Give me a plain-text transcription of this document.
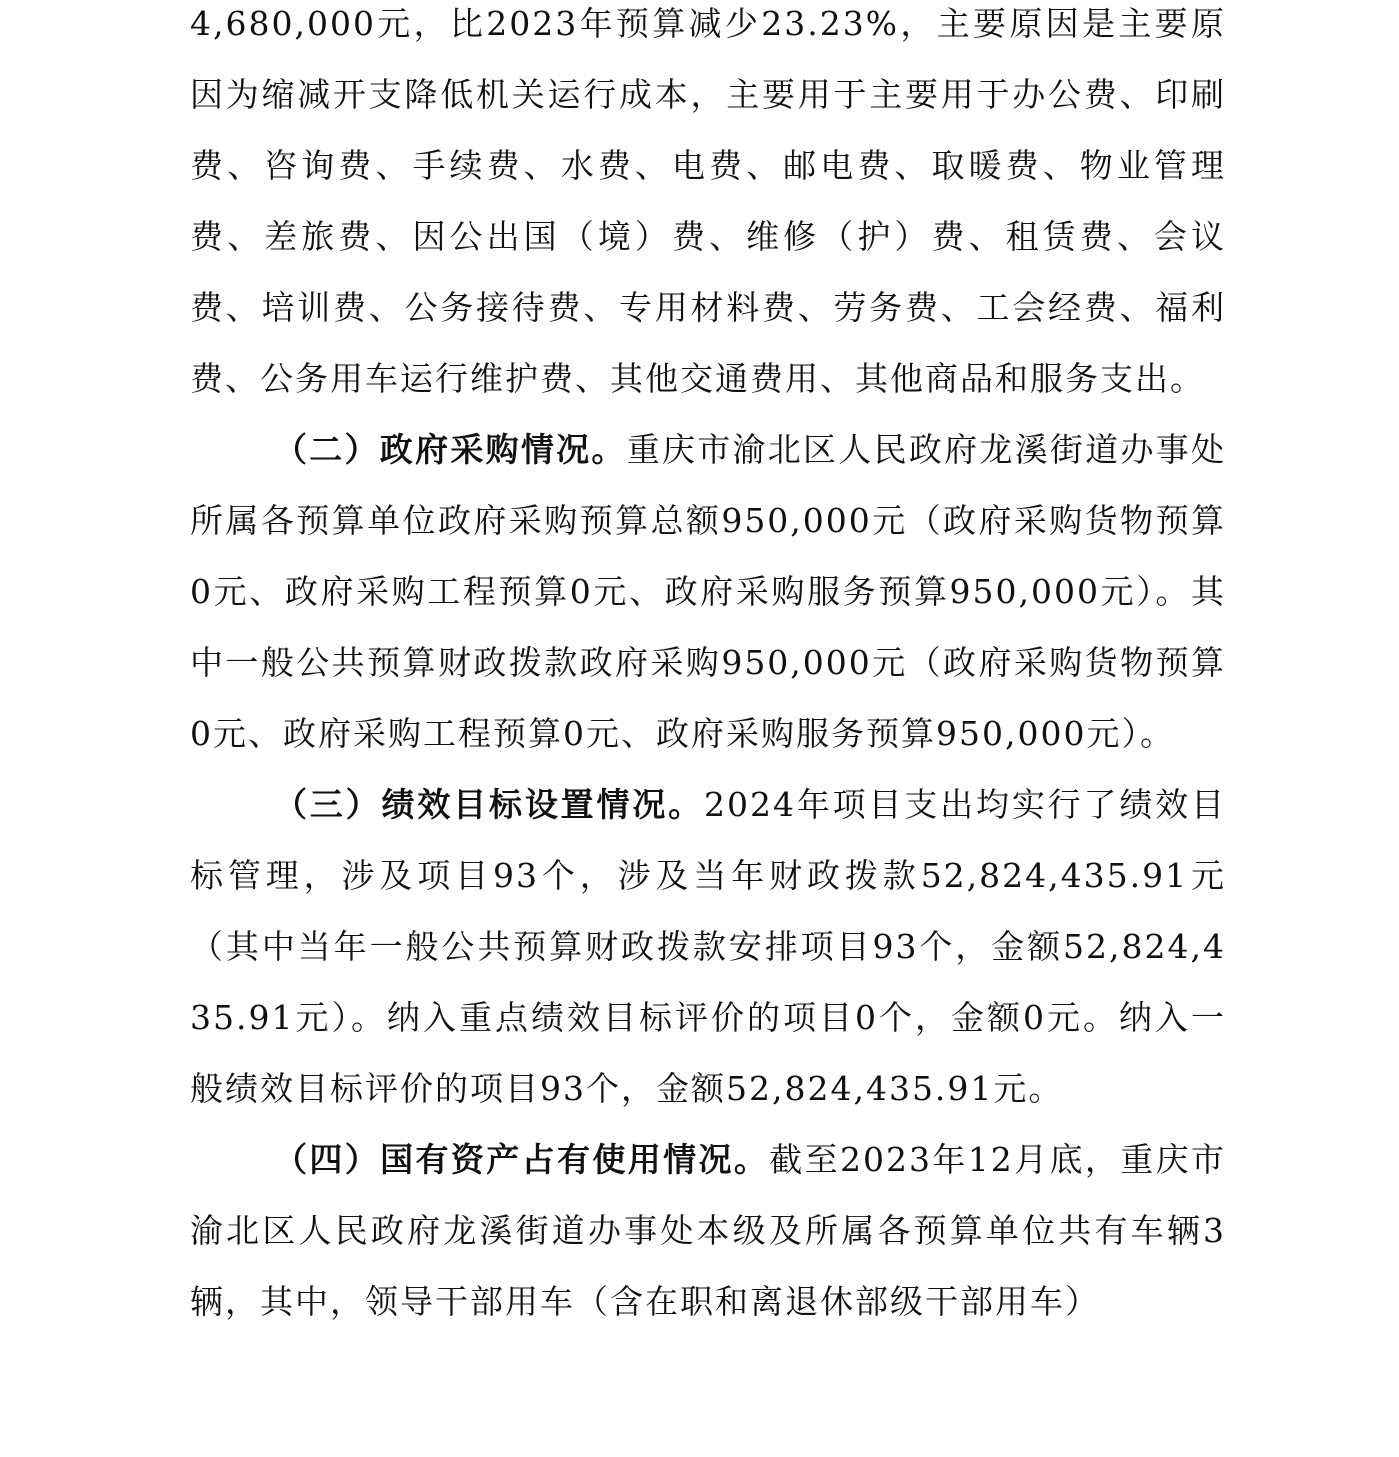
4,680,000元，比2023年预算减少23.23%，主要原因是主要原因为缩减开支降低机关运行成本，主要用于主要用于办公费、印刷费、咨询费、手续费、水费、电费、邮电费、取暖费、物业管理费、差旅费、因公出国（境）费、维修（护）费、租赁费、会议费、培训费、公务接待费、专用材料费、劳务费、工会经费、福利费、公务用车运行维护费、其他交通费用、其他商品和服务支出。

（二）政府采购情况。重庆市渝北区人民政府龙溪街道办事处所属各预算单位政府采购预算总额950,000元（政府采购货物预算0元、政府采购工程预算0元、政府采购服务预算950,000元）。其中一般公共预算财政拨款政府采购950,000元（政府采购货物预算0元、政府采购工程预算0元、政府采购服务预算950,000元）。

（三）绩效目标设置情况。2024年项目支出均实行了绩效目标管理，涉及项目93个，涉及当年财政拨款52,824,435.91元（其中当年一般公共预算财政拨款安排项目93个，金额52,824,435.91元）。纳入重点绩效目标评价的项目0个，金额0元。纳入一般绩效目标评价的项目93个，金额52,824,435.91元。

（四）国有资产占有使用情况。截至2023年12月底，重庆市渝北区人民政府龙溪街道办事处本级及所属各预算单位共有车辆3辆，其中，领导干部用车（含在职和离退休部级干部用车）
